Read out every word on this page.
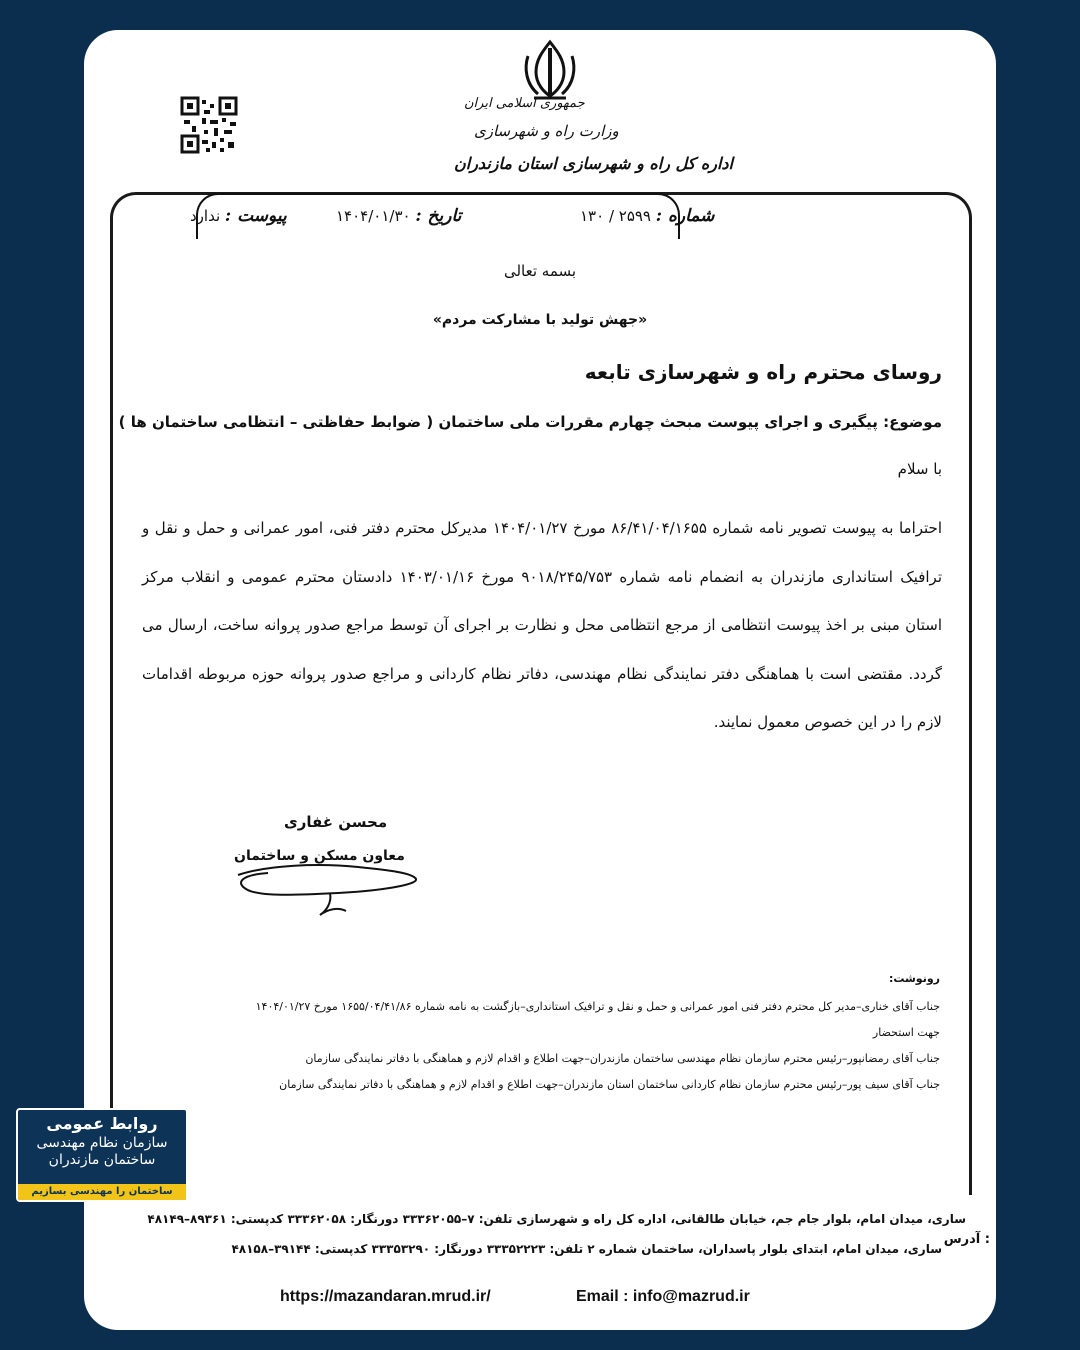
جمهوری اسلامی ایران
وزارت راه و شهرسازی
اداره کل راه و شهرسازی استان مازندران
شماره : ۲۵۹۹ / ۱۳۰
تاریخ : ۱۴۰۴/۰۱/۳۰
پیوست : ندارد
بسمه تعالی
«جهش تولید با مشارکت مردم»
روسای محترم راه و شهرسازی تابعه
موضوع: پیگیری و اجرای پیوست مبحث چهارم مقررات ملی ساختمان ( ضوابط حفاظتی – انتظامی ساختمان ها )
با سلام
احتراما به پیوست تصویر نامه شماره ۸۶/۴۱/۰۴/۱۶۵۵ مورخ ۱۴۰۴/۰۱/۲۷ مدیرکل محترم دفتر فنی، امور عمرانی و حمل و نقل و ترافیک استانداری مازندران به انضمام نامه شماره ۹۰۱۸/۲۴۵/۷۵۳ مورخ ۱۴۰۳/۰۱/۱۶ دادستان محترم عمومی و انقلاب مرکز استان مبنی بر اخذ پیوست انتظامی از مرجع انتظامی محل و نظارت بر اجرای آن توسط مراجع صدور پروانه ساخت، ارسال می گردد. مقتضی است با هماهنگی دفتر نمایندگی نظام مهندسی، دفاتر نظام کاردانی و مراجع صدور پروانه حوزه مربوطه اقدامات لازم را در این خصوص معمول نمایند.
محسن غفاری
معاون مسکن و ساختمان
رونوشت:
جناب آقای خناری–مدیر کل محترم دفتر فنی امور عمرانی و حمل و نقل و ترافیک استانداری–بازگشت به نامه شماره ۱۶۵۵/۰۴/۴۱/۸۶ مورخ ۱۴۰۴/۰۱/۲۷
جهت استحضار
جناب آقای رمضانپور–رئیس محترم سازمان نظام مهندسی ساختمان مازندران–جهت اطلاع و اقدام لازم و هماهنگی با دفاتر نمایندگی سازمان
جناب آقای سیف پور–رئیس محترم سازمان نظام کاردانی ساختمان استان مازندران–جهت اطلاع و اقدام لازم و هماهنگی با دفاتر نمایندگی سازمان
آدرس :
ساری، میدان امام، بلوار جام جم، خیابان طالقانی، اداره کل راه و شهرسازی تلفن: ۷–۳۳۳۶۲۰۵۵ دورنگار: ۳۳۳۶۲۰۵۸ کدپستی: ۸۹۳۶۱–۴۸۱۴۹
ساری، میدان امام، ابتدای بلوار پاسداران، ساختمان شماره ۲ تلفن: ۳۳۳۵۲۲۲۳ دورنگار: ۳۳۳۵۳۲۹۰ کدپستی: ۳۹۱۴۴–۴۸۱۵۸
https://mazandaran.mrud.ir/	Email : info@mazrud.ir
روابط عمومی
سازمان نظام مهندسی
ساختمان مازندران
ساختمان را مهندسی بسازیم
